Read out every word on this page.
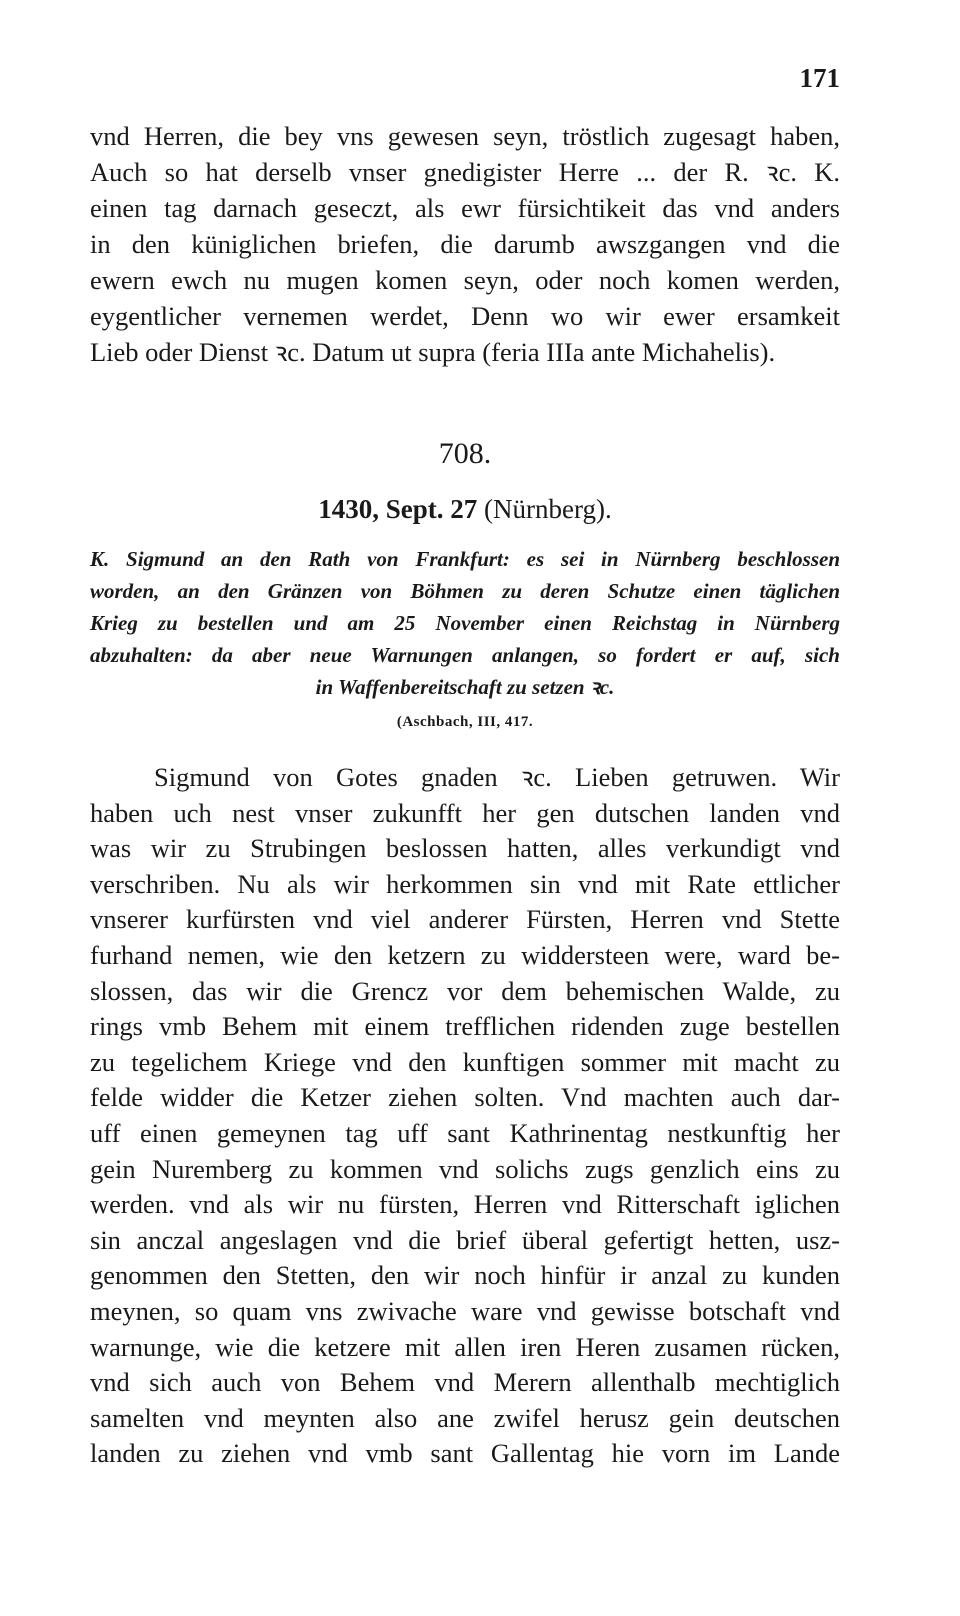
171
vnd Herren, die bey vns gewesen seyn, tröstlich zugesagt haben,
Auch so hat derselb vnser gnedigister Herre ... der R. ꝛc. K.
einen tag darnach geseczt, als ewr fürsichtikeit das vnd anders
in den küniglichen briefen, die darumb awszgangen vnd die
ewern ewch nu mugen komen seyn, oder noch komen werden,
eygentlicher vernemen werdet, Denn wo wir ewer ersamkeit
Lieb oder Dienst ꝛc. Datum ut supra (feria IIIa ante Michahelis).
708.
1430, Sept. 27 (Nürnberg).
K. Sigmund an den Rath von Frankfurt: es sei in Nürnberg beschlossen
worden, an den Gränzen von Böhmen zu deren Schutze einen täglichen
Krieg zu bestellen und am 25 November einen Reichstag in Nürnberg
abzuhalten: da aber neue Warnungen anlangen, so fordert er auf, sich
in Waffenbereitschaft zu setzen ꝛc.
(Aschbach, III, 417.
Sigmund von Gotes gnaden ꝛc. Lieben getruwen. Wir
haben uch nest vnser zukunfft her gen dutschen landen vnd
was wir zu Strubingen beslossen hatten, alles verkundigt vnd
verschriben. Nu als wir herkommen sin vnd mit Rate ettlicher
vnserer kurfürsten vnd viel anderer Fürsten, Herren vnd Stette
furhand nemen, wie den ketzern zu widdersteen were, ward be-
slossen, das wir die Grencz vor dem behemischen Walde, zu
rings vmb Behem mit einem trefflichen ridenden zuge bestellen
zu tegelichem Kriege vnd den kunftigen sommer mit macht zu
felde widder die Ketzer ziehen solten. Vnd machten auch dar-
uff einen gemeynen tag uff sant Kathrinentag nestkunftig her
gein Nuremberg zu kommen vnd solichs zugs genzlich eins zu
werden. vnd als wir nu fürsten, Herren vnd Ritterschaft iglichen
sin anczal angeslagen vnd die brief überal gefertigt hetten, usz-
genommen den Stetten, den wir noch hinfür ir anzal zu kunden
meynen, so quam vns zwivache ware vnd gewisse botschaft vnd
warnunge, wie die ketzere mit allen iren Heren zusamen rücken,
vnd sich auch von Behem vnd Merern allenthalb mechtiglich
samelten vnd meynten also ane zwifel herusz gein deutschen
landen zu ziehen vnd vmb sant Gallentag hie vorn im Lande
